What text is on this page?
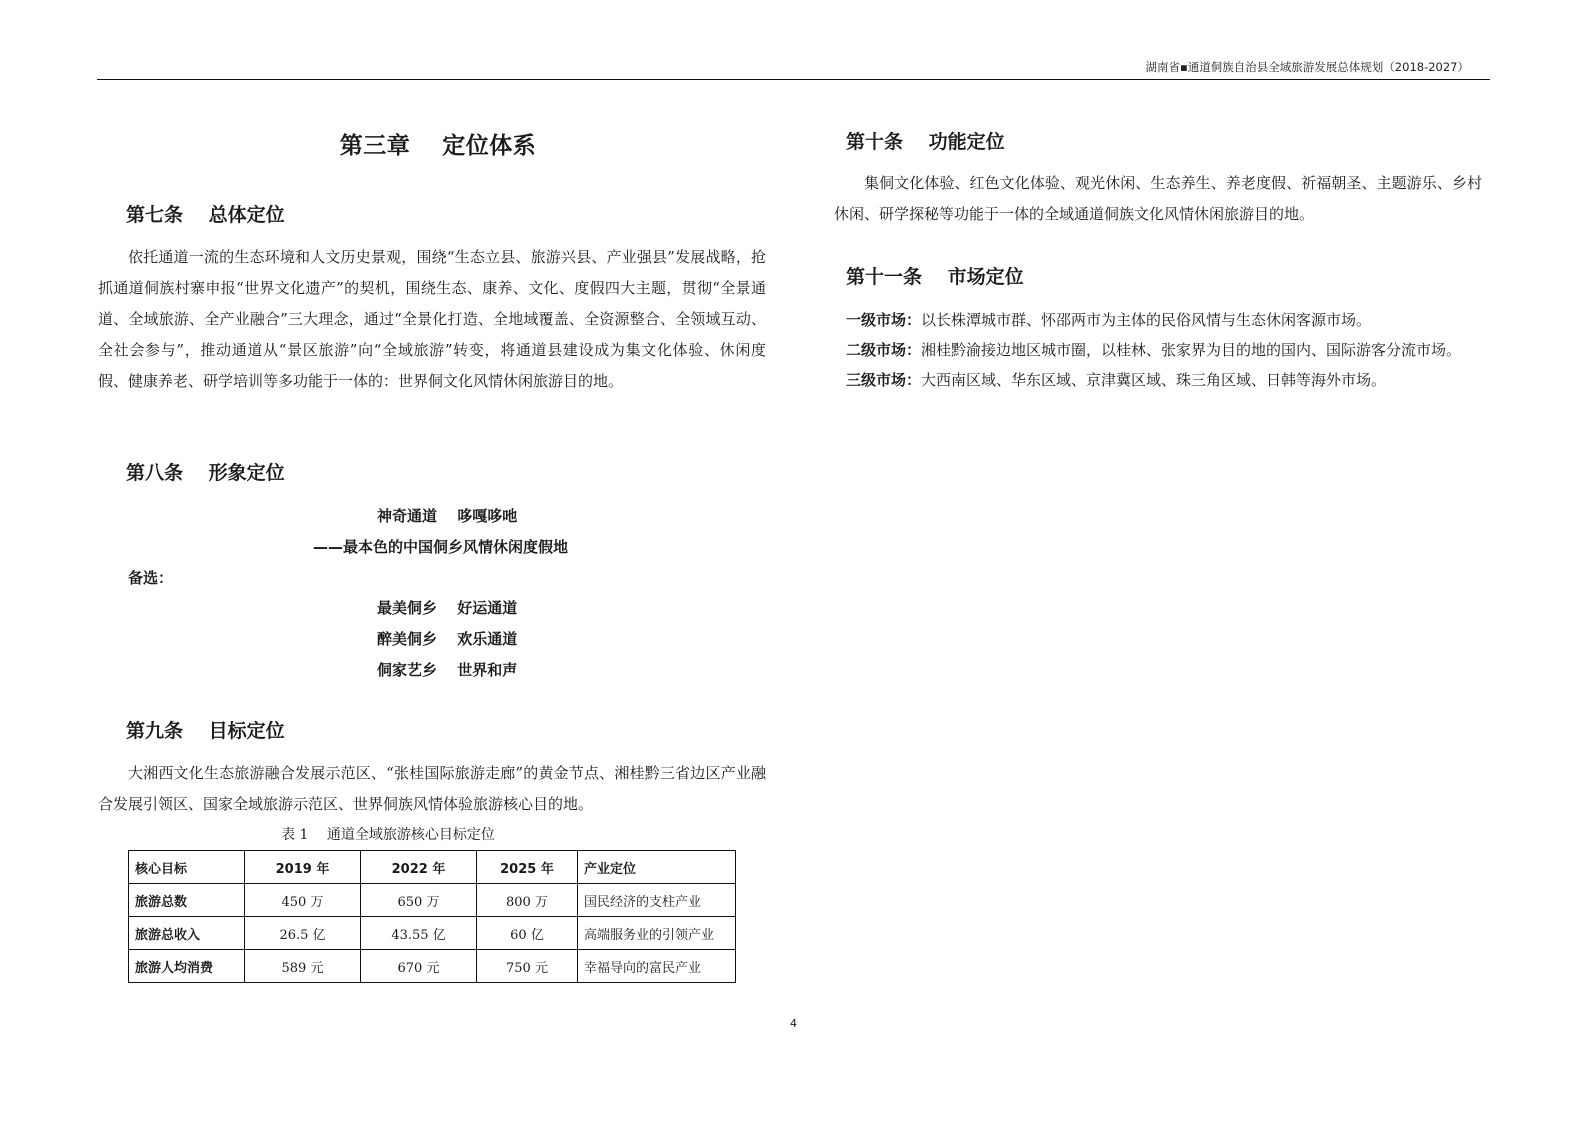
湖南省▪通道侗族自治县全域旅游发展总体规划（2018-2027）
第三章　 定位体系
第七条　 总体定位

依托通道一流的生态环境和人文历史景观，围绕“生态立县、旅游兴县、产业强县”发展战略，抢抓通道侗族村寨申报“世界文化遗产”的契机，围绕生态、康养、文化、度假四大主题，贯彻“全景通道、全域旅游、全产业融合”三大理念，通过“全景化打造、全地域覆盖、全资源整合、全领域互动、全社会参与”，推动通道从“景区旅游”向“全域旅游”转变，将通道县建设成为集文化体验、休闲度假、健康养老、研学培训等多功能于一体的：世界侗文化风情休闲旅游目的地。

第八条　 形象定位
神奇通道　 哆嘎哆吔
——最本色的中国侗乡风情休闲度假地
备选：
最美侗乡　 好运通道
醉美侗乡　 欢乐通道
侗家艺乡　 世界和声
第九条　 目标定位

大湘西文化生态旅游融合发展示范区、“张桂国际旅游走廊”的黄金节点、湘桂黔三省边区产业融合发展引领区、国家全域旅游示范区、世界侗族风情体验旅游核心目的地。

表 1　 通道全域旅游核心目标定位

核心目标	2019 年	2022 年	2025 年	产业定位
旅游总数	450 万	650 万	800 万	国民经济的支柱产业
旅游总收入	26.5 亿	43.55 亿	60 亿	高端服务业的引领产业
旅游人均消费	589 元	670 元	750 元	幸福导向的富民产业
第十条　 功能定位

集侗文化体验、红色文化体验、观光休闲、生态养生、养老度假、祈福朝圣、主题游乐、乡村休闲、研学探秘等功能于一体的全域通道侗族文化风情休闲旅游目的地。

第十一条　 市场定位

一级市场：以长株潭城市群、怀邵两市为主体的民俗风情与生态休闲客源市场。

二级市场：湘桂黔渝接边地区城市圈，以桂林、张家界为目的地的国内、国际游客分流市场。

三级市场：大西南区域、华东区域、京津冀区域、珠三角区域、日韩等海外市场。

4
